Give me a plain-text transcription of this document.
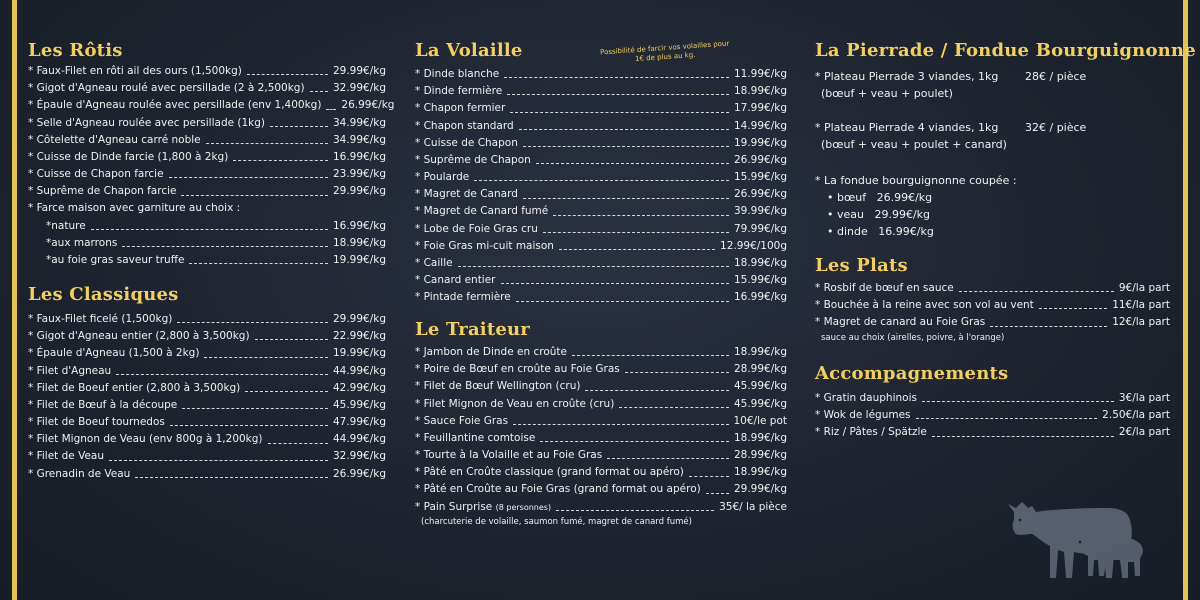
Les Rôtis
* Faux-Filet en rôti ail des ours (1,500kg)	29.99€/kg
* Gigot d'Agneau roulé avec persillade (2 à 2,500kg)	32.99€/kg
* Épaule d'Agneau roulée avec persillade (env 1,400kg) 26.99€/kg
* Selle d'Agneau roulée avec persillade (1kg)	34.99€/kg
* Côtelette d'Agneau carré noble	34.99€/kg
* Cuisse de Dinde farcie (1,800 à 2kg)	16.99€/kg
* Cuisse de Chapon farcie	23.99€/kg
* Suprême de Chapon farcie	29.99€/kg
* Farce maison avec garniture au choix :
*nature	16.99€/kg
*aux marrons	18.99€/kg
*au foie gras saveur truffe	19.99€/kg
Les Classiques
* Faux-Filet ficelé (1,500kg)	29.99€/kg
* Gigot d'Agneau entier (2,800 à 3,500kg)	22.99€/kg
* Épaule d'Agneau (1,500 à 2kg)	19.99€/kg
* Filet d'Agneau	44.99€/kg
* Filet de Boeuf entier (2,800 à 3,500kg)	42.99€/kg
* Filet de Bœuf à la découpe	45.99€/kg
* Filet de Boeuf tournedos	47.99€/kg
* Filet Mignon de Veau (env 800g à 1,200kg)	44.99€/kg
* Filet de Veau	32.99€/kg
* Grenadin de Veau	26.99€/kg
La Volaille	Possibilité de farcir vos volailles pour 1€ de plus au kg.
* Dinde blanche	11.99€/kg
* Dinde fermière	18.99€/kg
* Chapon fermier	17.99€/kg
* Chapon standard	14.99€/kg
* Cuisse de Chapon	19.99€/kg
* Suprême de Chapon	26.99€/kg
* Poularde	15.99€/kg
* Magret de Canard	26.99€/kg
* Magret de Canard fumé	39.99€/kg
* Lobe de Foie Gras cru	79.99€/kg
* Foie Gras mi-cuit maison	12.99€/100g
* Caille	18.99€/kg
* Canard entier	15.99€/kg
* Pintade fermière	16.99€/kg
Le Traiteur
* Jambon de Dinde en croûte	18.99€/kg
* Poire de Bœuf en croûte au Foie Gras	28.99€/kg
* Filet de Bœuf Wellington (cru)	45.99€/kg
* Filet Mignon de Veau en croûte (cru)	45.99€/kg
* Sauce Foie Gras	10€/le pot
* Feuillantine comtoise	18.99€/kg
* Tourte à la Volaille et au Foie Gras	28.99€/kg
* Pâté en Croûte classique (grand format ou apéro)	18.99€/kg
* Pâté en Croûte au Foie Gras (grand format ou apéro)	29.99€/kg
* Pain Surprise (8 personnes)	35€/ la pièce
(charcuterie de volaille, saumon fumé, magret de canard fumé)
La Pierrade / Fondue Bourguignonne
* Plateau Pierrade 3 viandes, 1kg	28€ / pièce
(bœuf + veau + poulet)
* Plateau Pierrade 4 viandes, 1kg	32€ / pièce
(bœuf + veau + poulet + canard)
* La fondue bourguignonne coupée :
• bœuf 26.99€/kg
• veau 29.99€/kg
• dinde 16.99€/kg
Les Plats
* Rosbif de bœuf en sauce	9€/la part
* Bouchée à la reine avec son vol au vent	11€/la part
* Magret de canard au Foie Gras	12€/la part
sauce au choix (airelles, poivre, à l'orange)
Accompagnements
* Gratin dauphinois	3€/la part
* Wok de légumes	2.50€/la part
* Riz / Pâtes / Spätzle	2€/la part
